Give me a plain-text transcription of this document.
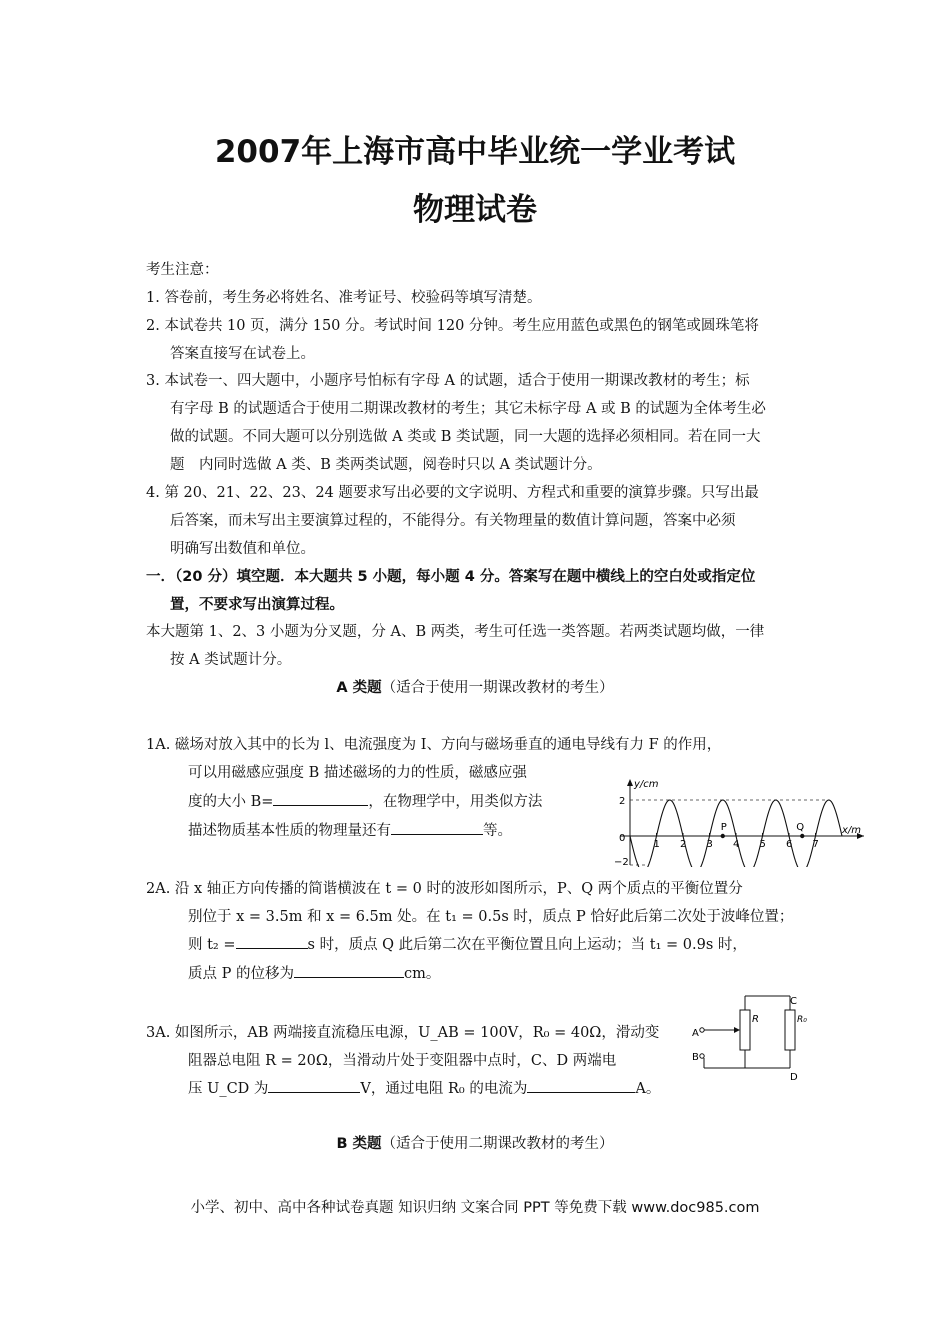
2007年上海市高中毕业统一学业考试
物理试卷
考生注意：
1. 答卷前，考生务必将姓名、准考证号、校验码等填写清楚。
2. 本试卷共 10 页，满分 150 分。考试时间 120 分钟。考生应用蓝色或黑色的钢笔或圆珠笔将
答案直接写在试卷上。
3. 本试卷一、四大题中，小题序号怕标有字母 A 的试题，适合于使用一期课改教材的考生；标
有字母 B 的试题适合于使用二期课改教材的考生；其它未标字母 A 或 B 的试题为全体考生必
做的试题。不同大题可以分别选做 A 类或 B 类试题，同一大题的选择必须相同。若在同一大
题　内同时选做 A 类、B 类两类试题，阅卷时只以 A 类试题计分。
4. 第 20、21、22、23、24 题要求写出必要的文字说明、方程式和重要的演算步骤。只写出最
后答案，而未写出主要演算过程的，不能得分。有关物理量的数值计算问题，答案中必须
明确写出数值和单位。
一．（20 分）填空题．本大题共 5 小题，每小题 4 分。答案写在题中横线上的空白处或指定位
置，不要求写出演算过程。
本大题第 1、2、3 小题为分叉题，分 A、B 两类，考生可任选一类答题。若两类试题均做，一律
按 A 类试题计分。
A 类题（适合于使用一期课改教材的考生）
1A. 磁场对放入其中的长为 l、电流强度为 I、方向与磁场垂直的通电导线有力 F 的作用，
可以用磁感应强度 B 描述磁场的力的性质，磁感应强
度的大小 B=	，在物理学中，用类似方法
描述物质基本性质的物理量还有	等。
y/cm
x/m
2
−2
0
1 2 3 4 5 6 7
P	Q
2A. 沿 x 轴正方向传播的简谐横波在 t = 0 时的波形如图所示，P、Q 两个质点的平衡位置分
别位于 x = 3.5m 和 x = 6.5m 处。在 t₁ = 0.5s 时，质点 P 恰好此后第二次处于波峰位置；
则 t₂ =	s 时，质点 Q 此后第二次在平衡位置且向上运动；当 t₁ = 0.9s 时，
质点 P 的位移为	cm。
A
B
C
D
R	R₀
3A. 如图所示，AB 两端接直流稳压电源，U_AB = 100V，R₀ = 40Ω，滑动变
阻器总电阻 R = 20Ω，当滑动片处于变阻器中点时，C、D 两端电
压 U_CD 为	V，通过电阻 R₀ 的电流为	A。
B 类题（适合于使用二期课改教材的考生）
小学、初中、高中各种试卷真题 知识归纳 文案合同 PPT 等免费下载 www.doc985.com
